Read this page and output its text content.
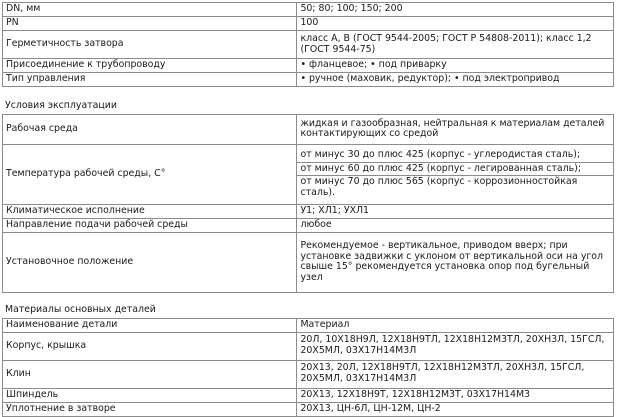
DN, мм	50; 80; 100; 150; 200
PN	100
Герметичность затвора	класс А, В (ГОСТ 9544-2005; ГОСТ Р 54808-2011); класс 1,2 (ГОСТ 9544-75)
Присоединение к трубопроводу	• фланцевое; • под приварку
Тип управления	• ручное (маховик, редуктор); • под электропривод
Условия эксплуатации
Рабочая среда	жидкая и газообразная, нейтральная к материалам деталей контактирующих со средой
Температура рабочей среды, С°	от минус 30 до плюс 425 (корпус - углеродистая сталь);
от минус 60 до плюс 425 (корпус - легированная сталь);
от минус 70 до плюс 565 (корпус - коррозионностойкая сталь).

Климатическое исполнение	У1; ХЛ1; УХЛ1
Направление подачи рабочей среды	любое
Установочное положение	Рекомендуемое - вертикальное, приводом вверх; при установке задвижки с уклоном от вертикальной оси на угол свыше 15° рекомендуется установка опор под бугельный узел
Материалы основных деталей
Наименование детали	Материал
Корпус, крышка	20Л, 10Х18Н9Л, 12Х18Н9ТЛ, 12Х18Н12М3ТЛ, 20ХН3Л, 15ГСЛ, 20Х5МЛ, 03Х17Н14М3Л
Клин	20Х13, 20Л, 12Х18Н9ТЛ, 12Х18Н12М3ТЛ, 20ХН3Л, 15ГСЛ, 20Х5МЛ, 03Х17Н14М3Л
Шпиндель	20Х13, 12Х18Н9Т, 12Х18Н12М3Т, 03Х17Н14М3
Уплотнение в затворе	20Х13, ЦН-6Л, ЦН-12М, ЦН-2
